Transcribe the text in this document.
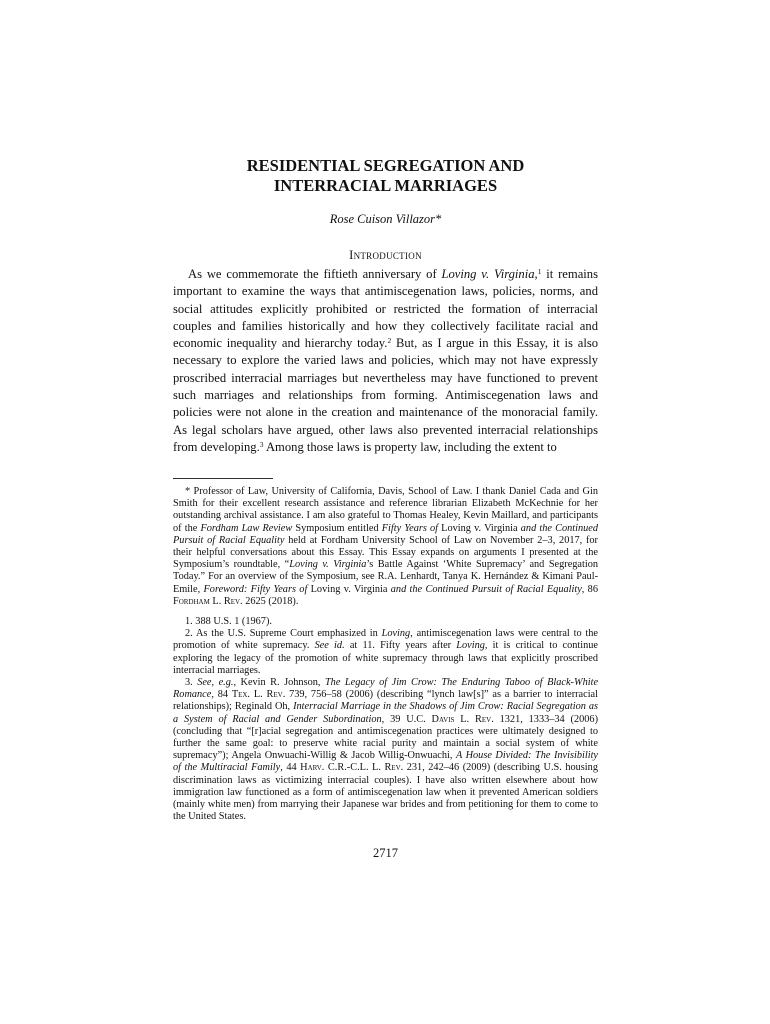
RESIDENTIAL SEGREGATION AND
INTERRACIAL MARRIAGES

Rose Cuison Villazor*

Introduction

As we commemorate the fiftieth anniversary of Loving v. Virginia,$^1$ it remains important to examine the ways that antimiscegenation laws, policies, norms, and social attitudes explicitly prohibited or restricted the formation of interracial couples and families historically and how they collectively facilitate racial and economic inequality and hierarchy today.$^2$ But, as I argue in this Essay, it is also necessary to explore the varied laws and policies, which may not have expressly proscribed interracial marriages but nevertheless may have functioned to prevent such marriages and relationships from forming. Antimiscegenation laws and policies were not alone in the creation and maintenance of the monoracial family. As legal scholars have argued, other laws also prevented interracial relationships from developing.$^3$ Among those laws is property law, including the extent to

* Professor of Law, University of California, Davis, School of Law. I thank Daniel Cada and Gin Smith for their excellent research assistance and reference librarian Elizabeth McKechnie for her outstanding archival assistance. I am also grateful to Thomas Healey, Kevin Maillard, and participants of the Fordham Law Review Symposium entitled Fifty Years of Loving v. Virginia and the Continued Pursuit of Racial Equality held at Fordham University School of Law on November 2–3, 2017, for their helpful conversations about this Essay. This Essay expands on arguments I presented at the Symposium’s roundtable, “Loving v. Virginia’s Battle Against ‘White Supremacy’ and Segregation Today.” For an overview of the Symposium, see R.A. Lenhardt, Tanya K. Hernández & Kimani Paul-Emile, Foreword: Fifty Years of Loving v. Virginia and the Continued Pursuit of Racial Equality, 86 Fordham L. Rev. 2625 (2018).

1. 388 U.S. 1 (1967).

2. As the U.S. Supreme Court emphasized in Loving, antimiscegenation laws were central to the promotion of white supremacy. See id. at 11. Fifty years after Loving, it is critical to continue exploring the legacy of the promotion of white supremacy through laws that explicitly proscribed interracial marriages.

3. See, e.g., Kevin R. Johnson, The Legacy of Jim Crow: The Enduring Taboo of Black-White Romance, 84 Tex. L. Rev. 739, 756–58 (2006) (describing “lynch law[s]” as a barrier to interracial relationships); Reginald Oh, Interracial Marriage in the Shadows of Jim Crow: Racial Segregation as a System of Racial and Gender Subordination, 39 U.C. Davis L. Rev. 1321, 1333–34 (2006) (concluding that “[r]acial segregation and antimiscegenation practices were ultimately designed to further the same goal: to preserve white racial purity and maintain a social system of white supremacy”); Angela Onwuachi-Willig & Jacob Willig-Onwuachi, A House Divided: The Invisibility of the Multiracial Family, 44 Harv. C.R.-C.L. L. Rev. 231, 242–46 (2009) (describing U.S. housing discrimination laws as victimizing interracial couples). I have also written elsewhere about how immigration law functioned as a form of antimiscegenation law when it prevented American soldiers (mainly white men) from marrying their Japanese war brides and from petitioning for them to come to the United States.

2717
